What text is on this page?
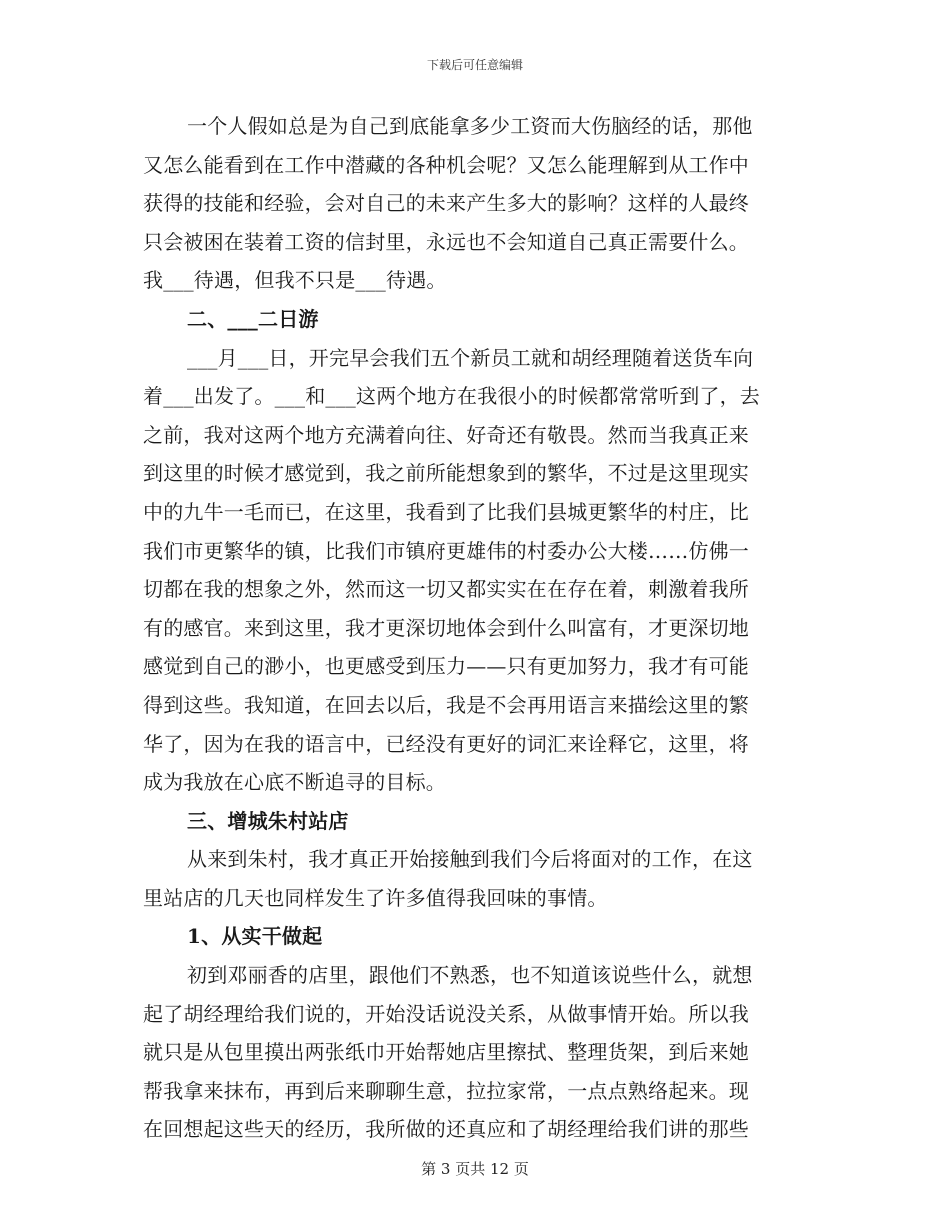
下载后可任意编辑
一个人假如总是为自己到底能拿多少工资而大伤脑经的话，那他
又怎么能看到在工作中潜藏的各种机会呢？又怎么能理解到从工作中
获得的技能和经验，会对自己的未来产生多大的影响？这样的人最终
只会被困在装着工资的信封里，永远也不会知道自己真正需要什么。
我___待遇，但我不只是___待遇。
二、___二日游
___月___日，开完早会我们五个新员工就和胡经理随着送货车向
着___出发了。___和___这两个地方在我很小的时候都常常听到了，去
之前，我对这两个地方充满着向往、好奇还有敬畏。然而当我真正来
到这里的时候才感觉到，我之前所能想象到的繁华，不过是这里现实
中的九牛一毛而已，在这里，我看到了比我们县城更繁华的村庄，比
我们市更繁华的镇，比我们市镇府更雄伟的村委办公大楼……仿佛一
切都在我的想象之外，然而这一切又都实实在在存在着，刺激着我所
有的感官。来到这里，我才更深切地体会到什么叫富有，才更深切地
感觉到自己的渺小，也更感受到压力——只有更加努力，我才有可能
得到这些。我知道，在回去以后，我是不会再用语言来描绘这里的繁
华了，因为在我的语言中，已经没有更好的词汇来诠释它，这里，将
成为我放在心底不断追寻的目标。
三、增城朱村站店
从来到朱村，我才真正开始接触到我们今后将面对的工作，在这
里站店的几天也同样发生了许多值得我回味的事情。
1、从实干做起
初到邓丽香的店里，跟他们不熟悉，也不知道该说些什么，就想
起了胡经理给我们说的，开始没话说没关系，从做事情开始。所以我
就只是从包里摸出两张纸巾开始帮她店里擦拭、整理货架，到后来她
帮我拿来抹布，再到后来聊聊生意，拉拉家常，一点点熟络起来。现
在回想起这些天的经历，我所做的还真应和了胡经理给我们讲的那些
第 3 页共 12 页
